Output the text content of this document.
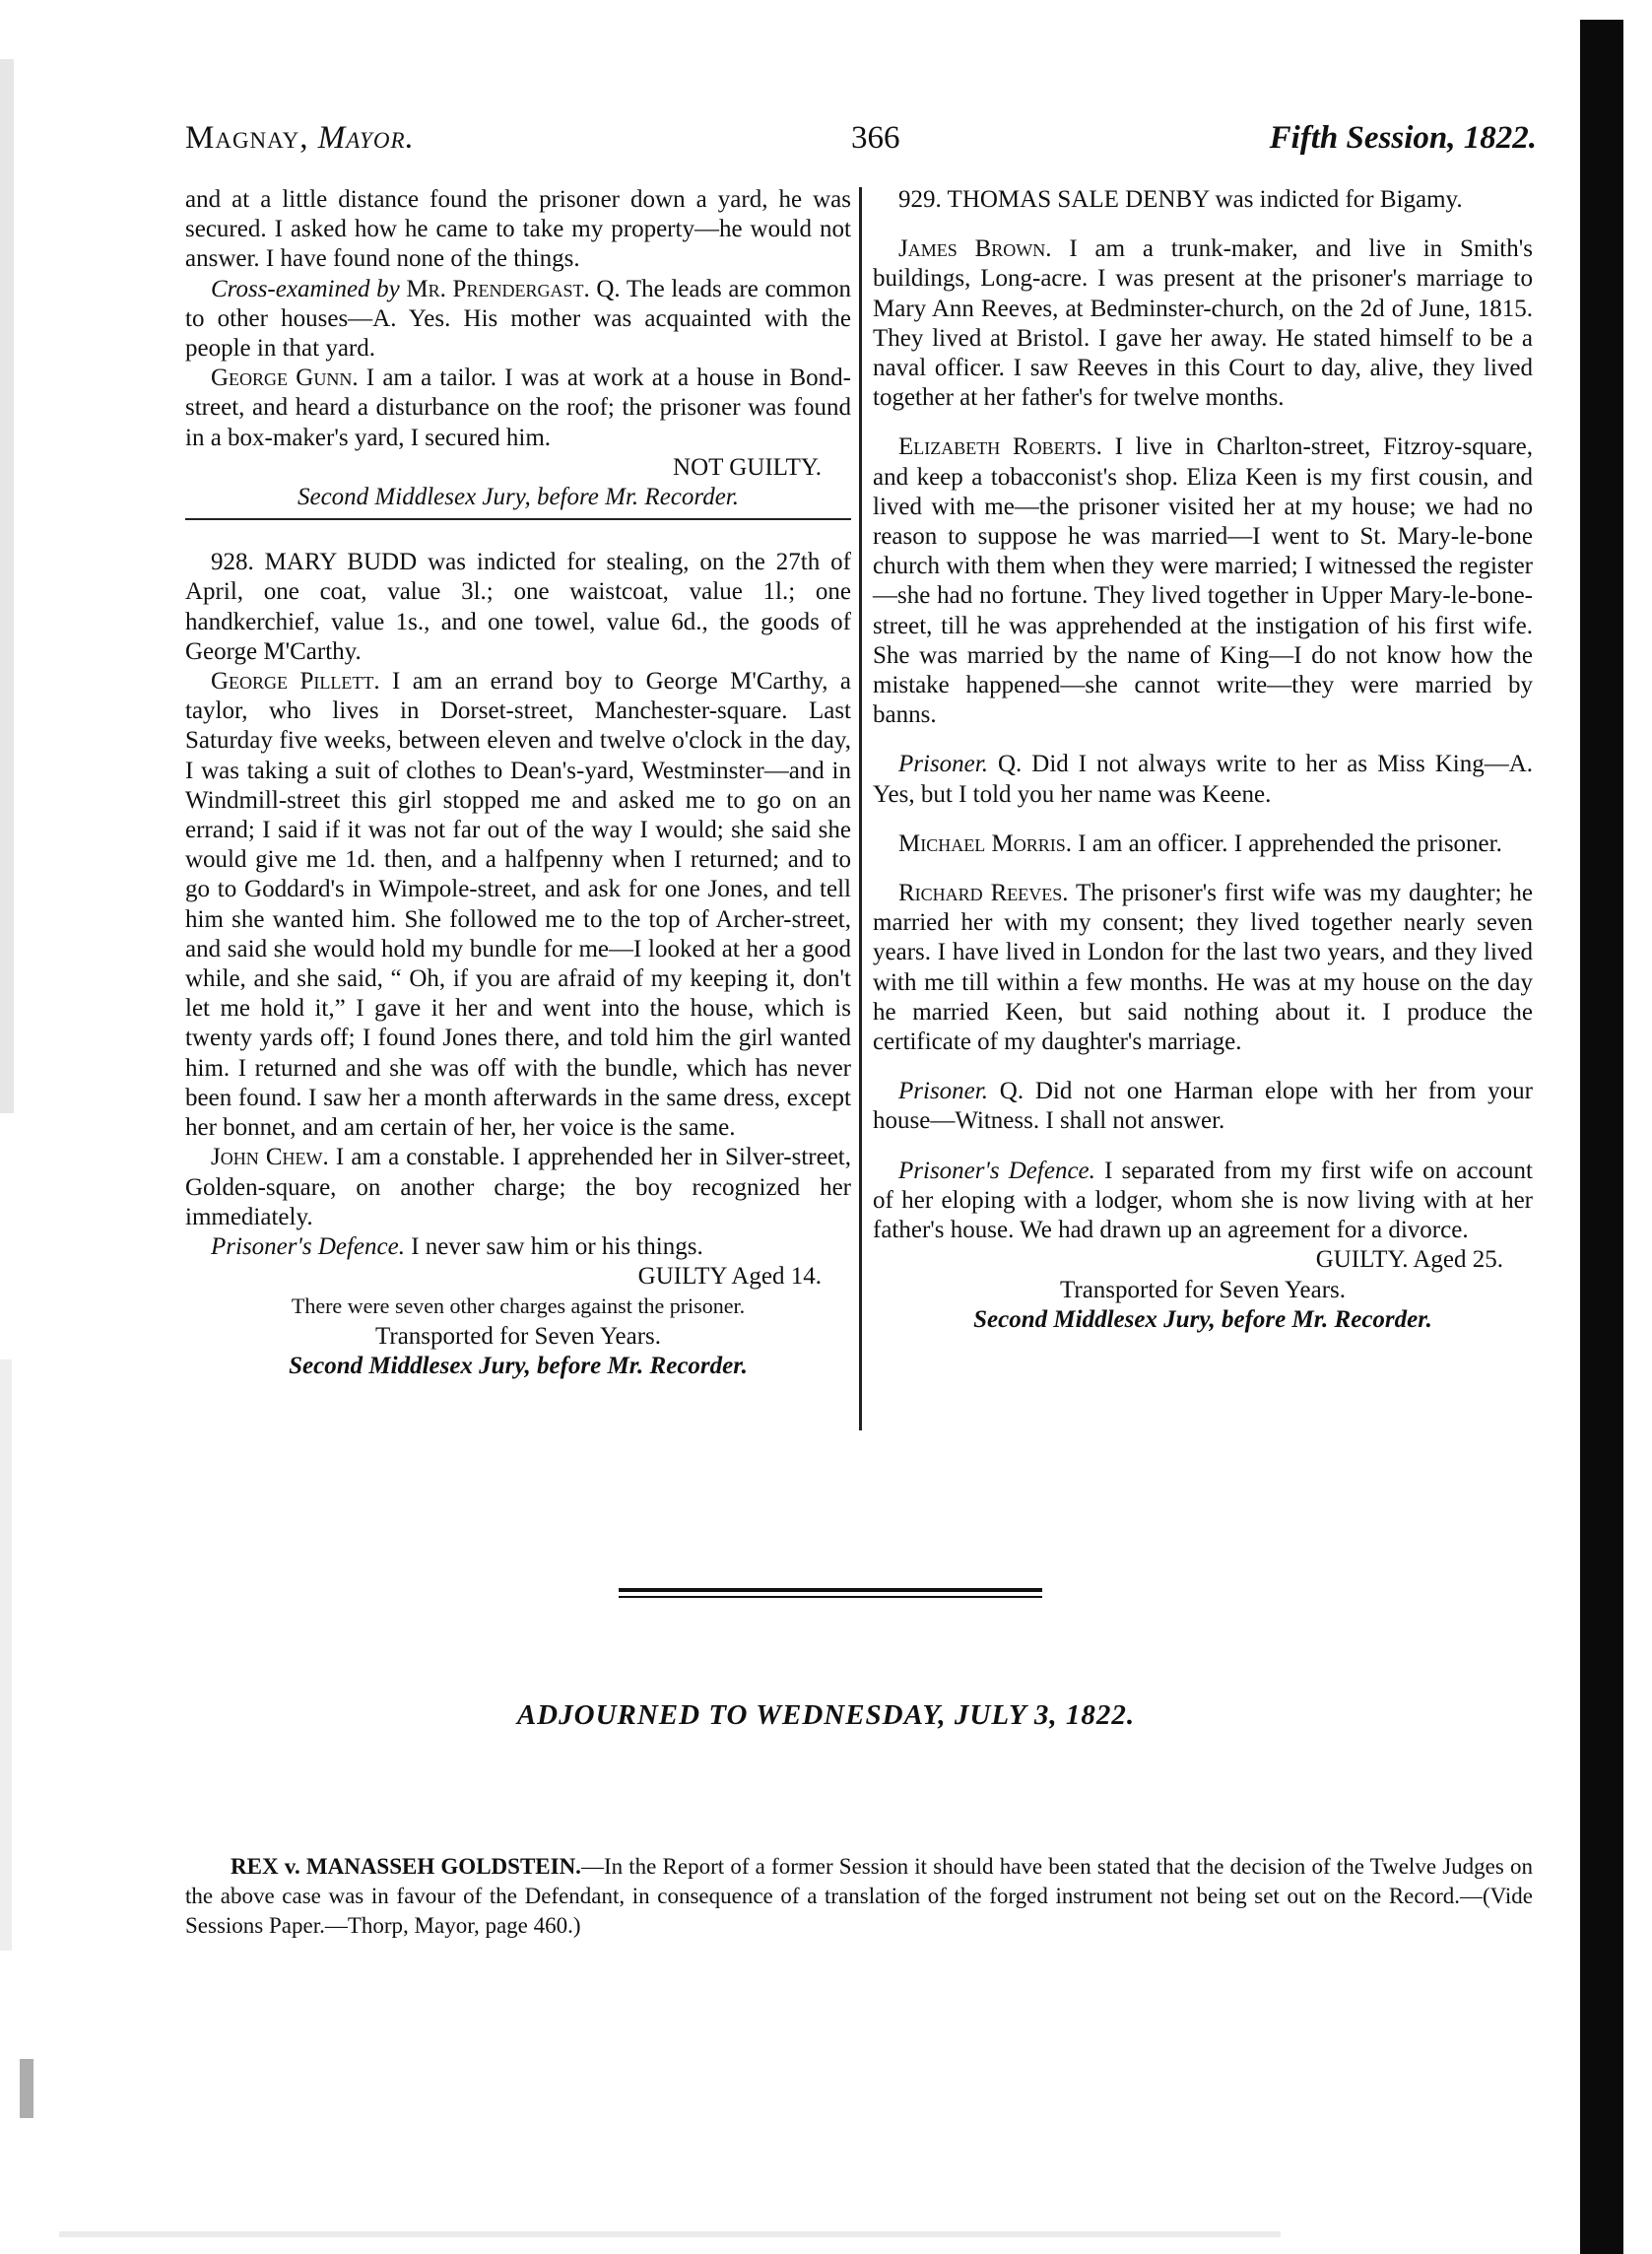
Magnay, Mayor.	366	Fifth Session, 1822.

and at a little distance found the prisoner down a yard, he was secured. I asked how he came to take my property—he would not answer. I have found none of the things.

Cross-examined by Mr. Prendergast. Q. The leads are common to other houses—A. Yes. His mother was acquainted with the people in that yard.

George Gunn. I am a tailor. I was at work at a house in Bond-street, and heard a disturbance on the roof; the prisoner was found in a box-maker's yard, I secured him.

NOT GUILTY.

Second Middlesex Jury, before Mr. Recorder.

928. MARY BUDD was indicted for stealing, on the 27th of April, one coat, value 3l.; one waistcoat, value 1l.; one handkerchief, value 1s., and one towel, value 6d., the goods of George M'Carthy.

George Pillett. I am an errand boy to George M'Carthy, a taylor, who lives in Dorset-street, Manchester-square. Last Saturday five weeks, between eleven and twelve o'clock in the day, I was taking a suit of clothes to Dean's-yard, Westminster—and in Windmill-street this girl stopped me and asked me to go on an errand; I said if it was not far out of the way I would; she said she would give me 1d. then, and a halfpenny when I returned; and to go to Goddard's in Wimpole-street, and ask for one Jones, and tell him she wanted him. She followed me to the top of Archer-street, and said she would hold my bundle for me—I looked at her a good while, and she said, “ Oh, if you are afraid of my keeping it, don't let me hold it,” I gave it her and went into the house, which is twenty yards off; I found Jones there, and told him the girl wanted him. I returned and she was off with the bundle, which has never been found. I saw her a month afterwards in the same dress, except her bonnet, and am certain of her, her voice is the same.

John Chew. I am a constable. I apprehended her in Silver-street, Golden-square, on another charge; the boy recognized her immediately.

Prisoner's Defence. I never saw him or his things.

GUILTY Aged 14.

There were seven other charges against the prisoner.

Transported for Seven Years.

Second Middlesex Jury, before Mr. Recorder.

929. THOMAS SALE DENBY was indicted for Bigamy.

James Brown. I am a trunk-maker, and live in Smith's buildings, Long-acre. I was present at the prisoner's marriage to Mary Ann Reeves, at Bedminster-church, on the 2d of June, 1815. They lived at Bristol. I gave her away. He stated himself to be a naval officer. I saw Reeves in this Court to day, alive, they lived together at her father's for twelve months.

Elizabeth Roberts. I live in Charlton-street, Fitzroy-square, and keep a tobacconist's shop. Eliza Keen is my first cousin, and lived with me—the prisoner visited her at my house; we had no reason to suppose he was married—I went to St. Mary-le-bone church with them when they were married; I witnessed the register—she had no fortune. They lived together in Upper Mary-le-bone-street, till he was apprehended at the instigation of his first wife. She was married by the name of King—I do not know how the mistake happened—she cannot write—they were married by banns.

Prisoner. Q. Did I not always write to her as Miss King—A. Yes, but I told you her name was Keene.

Michael Morris. I am an officer. I apprehended the prisoner.

Richard Reeves. The prisoner's first wife was my daughter; he married her with my consent; they lived together nearly seven years. I have lived in London for the last two years, and they lived with me till within a few months. He was at my house on the day he married Keen, but said nothing about it. I produce the certificate of my daughter's marriage.

Prisoner. Q. Did not one Harman elope with her from your house—Witness. I shall not answer.

Prisoner's Defence. I separated from my first wife on account of her eloping with a lodger, whom she is now living with at her father's house. We had drawn up an agreement for a divorce.

GUILTY. Aged 25.

Transported for Seven Years.

Second Middlesex Jury, before Mr. Recorder.

ADJOURNED TO WEDNESDAY, JULY 3, 1822.

REX v. MANASSEH GOLDSTEIN.—In the Report of a former Session it should have been stated that the decision of the Twelve Judges on the above case was in favour of the Defendant, in consequence of a translation of the forged instrument not being set out on the Record.—(Vide Sessions Paper.—Thorp, Mayor, page 460.)
